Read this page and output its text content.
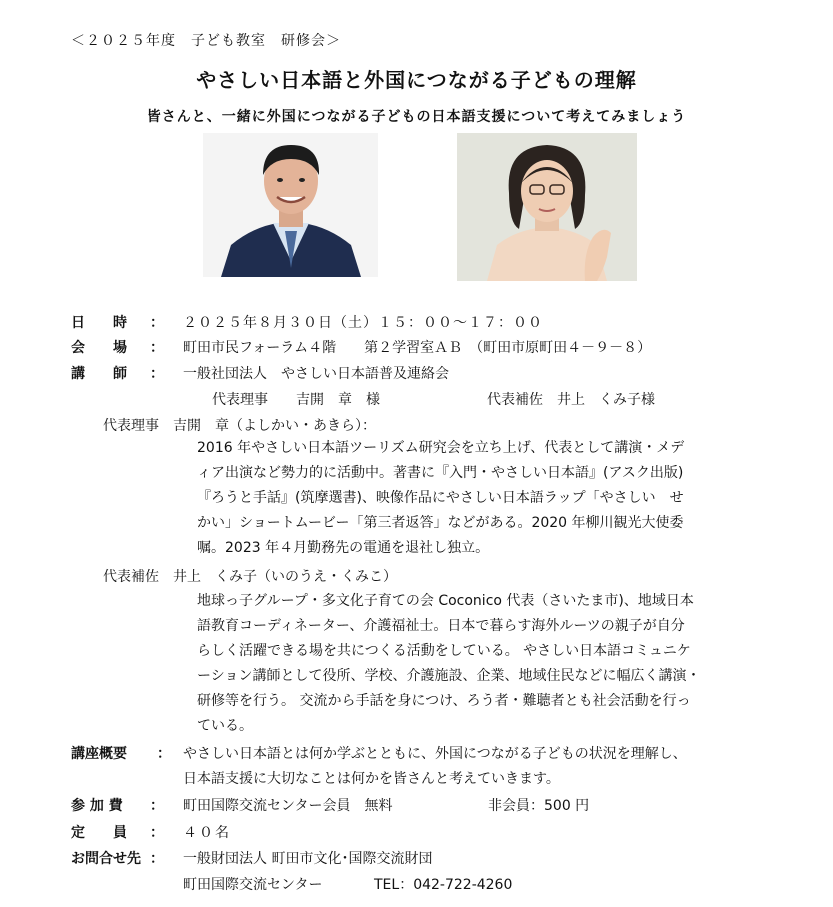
＜２０２５年度　子ども教室　研修会＞
やさしい日本語と外国につながる子どもの理解
皆さんと、一緒に外国につながる子どもの日本語支援について考えてみましょう
日　　時 ： ２０２５年８月３０日（土）１５：００～１７：００
会　　場 ： 町田市民フォーラム４階　　第２学習室ＡＢ　（町田市原町田４－９－８）
講　　師 ： 一般社団法人　やさしい日本語普及連絡会
代表理事　　吉開　章　様	代表補佐　井上　くみ子様
代表理事　吉開　章（よしかい・あきら）：
2016 年やさしい日本語ツーリズム研究会を立ち上げ、代表として講演・メデ
ィア出演など勢力的に活動中。著書に『入門・やさしい日本語』(アスク出版)
『ろうと手話』(筑摩選書)、映像作品にやさしい日本語ラップ「やさしい　せ
かい」ショートムービー「第三者返答」などがある。2020 年柳川観光大使委
嘱。2023 年４月勤務先の電通を退社し独立。
代表補佐　井上　くみ子（いのうえ・くみこ）
地球っ子グループ・多文化子育ての会 Coconico 代表（さいたま市)、地域日本
語教育コーディネーター、介護福祉士。日本で暮らす海外ルーツの親子が自分
らしく活躍できる場を共につくる活動をしている。 やさしい日本語コミュニケ
ーション講師として役所、学校、介護施設、企業、地域住民などに幅広く講演・
研修等を行う。 交流から手話を身につけ、ろう者・難聴者とも社会活動を行っ
ている。
講座概要 ： やさしい日本語とは何か学ぶとともに、外国につながる子どもの状況を理解し、
日本語支援に大切なことは何かを皆さんと考えていきます。
参 加 費 ： 町田国際交流センター会員　無料	非会員：500 円
定　　員 ： ４０名
お問合せ先 ： 一般財団法人 町田市文化･国際交流財団
町田国際交流センター	TEL：042-722-4260
